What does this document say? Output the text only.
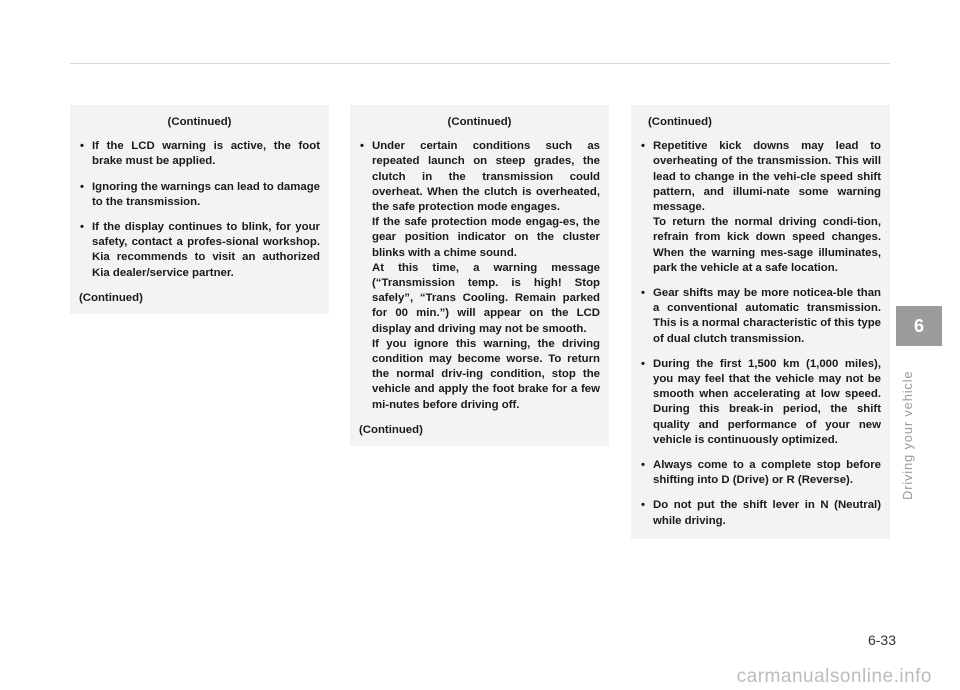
(Continued)

• If the LCD warning is active, the foot brake must be applied.
• Ignoring the warnings can lead to damage to the transmission.
• If the display continues to blink, for your safety, contact a profes-sional workshop. Kia recommends to visit an authorized Kia dealer/service partner.

(Continued)

(Continued)

• Under certain conditions such as repeated launch on steep grades, the clutch in the transmission could overheat. When the clutch is overheated, the safe protection mode engages.
If the safe protection mode engag-es, the gear position indicator on the cluster blinks with a chime sound.
At this time, a warning message (“Transmission temp. is high! Stop safely”, “Trans Cooling. Remain parked for 00 min.”) will appear on the LCD display and driving may not be smooth.
If you ignore this warning, the driving condition may become worse. To return the normal driv-ing condition, stop the vehicle and apply the foot brake for a few mi-nutes before driving off.

(Continued)

(Continued)

• Repetitive kick downs may lead to overheating of the transmission. This will lead to change in the vehi-cle speed shift pattern, and illumi-nate some warning message.
To return the normal driving condi-tion, refrain from kick down speed changes. When the warning mes-sage illuminates, park the vehicle at a safe location.
• Gear shifts may be more noticea-ble than a conventional automatic transmission. This is a normal characteristic of this type of dual clutch transmission.
• During the first 1,500 km (1,000 miles), you may feel that the vehicle may not be smooth when accelerating at low speed. During this break-in period, the shift quality and performance of your new vehicle is continuously optimized.
• Always come to a complete stop before shifting into D (Drive) or R (Reverse).
• Do not put the shift lever in N (Neutral) while driving.
6
Driving your vehicle
6-33
carmanualsonline.info
